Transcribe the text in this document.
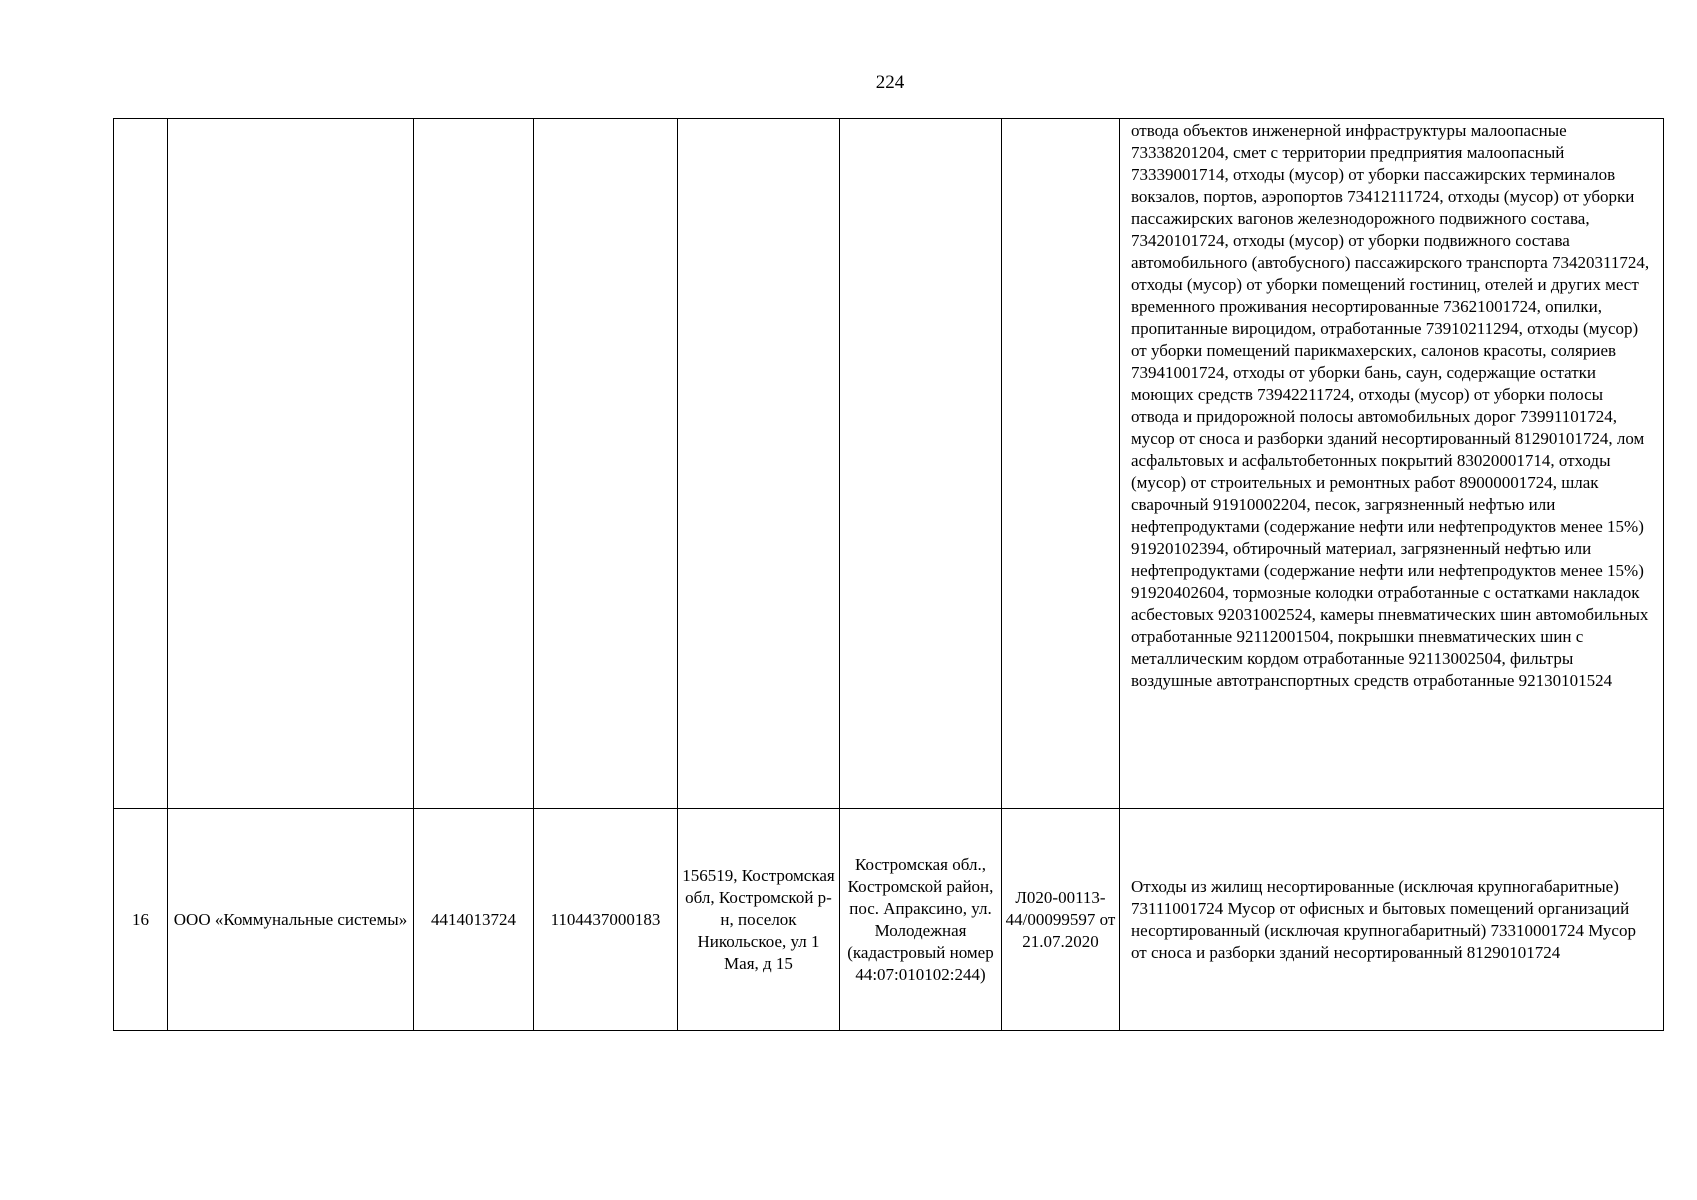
224
							отвода объектов инженерной инфраструктуры малоопасные 73338201204, смет с территории предприятия малоопасный 73339001714, отходы (мусор) от уборки пассажирских терминалов вокзалов, портов, аэропортов 73412111724, отходы (мусор) от уборки пассажирских вагонов железнодорожного подвижного состава, 73420101724, отходы (мусор) от уборки подвижного состава автомобильного (автобусного) пассажирского транспорта 73420311724, отходы (мусор) от уборки помещений гостиниц, отелей и других мест временного проживания несортированные 73621001724, опилки, пропитанные вироцидом, отработанные 73910211294, отходы (мусор) от уборки помещений парикмахерских, салонов красоты, соляриев 73941001724, отходы от уборки бань, саун, содержащие остатки моющих средств 73942211724, отходы (мусор) от уборки полосы отвода и придорожной полосы автомобильных дорог 73991101724, мусор от сноса и разборки зданий несортированный 81290101724, лом асфальтовых и асфальтобетонных покрытий 83020001714, отходы (мусор) от строительных и ремонтных работ 89000001724, шлак сварочный 91910002204, песок, загрязненный нефтью или нефтепродуктами (содержание нефти или нефтепродуктов менее 15%) 91920102394, обтирочный материал, загрязненный нефтью или нефтепродуктами (содержание нефти или нефтепродуктов менее 15%) 91920402604, тормозные колодки отработанные с остатками накладок асбестовых 92031002524, камеры пневматических шин автомобильных отработанные 92112001504, покрышки пневматических шин с металлическим кордом отработанные 92113002504, фильтры воздушные автотранспортных средств отработанные 92130101524
16	ООО «Коммунальные системы»	4414013724	1104437000183	156519, Костромская обл, Костромской р-н, поселок Никольское, ул 1 Мая, д 15	Костромская обл., Костромской район, пос. Апраксино, ул. Молодежная (кадастровый номер 44:07:010102:244)	Л020-00113-44/00099597 от 21.07.2020	Отходы из жилищ несортированные (исключая крупногабаритные) 73111001724 Мусор от офисных и бытовых помещений организаций несортированный (исключая крупногабаритный) 73310001724 Мусор от сноса и разборки зданий несортированный 81290101724
